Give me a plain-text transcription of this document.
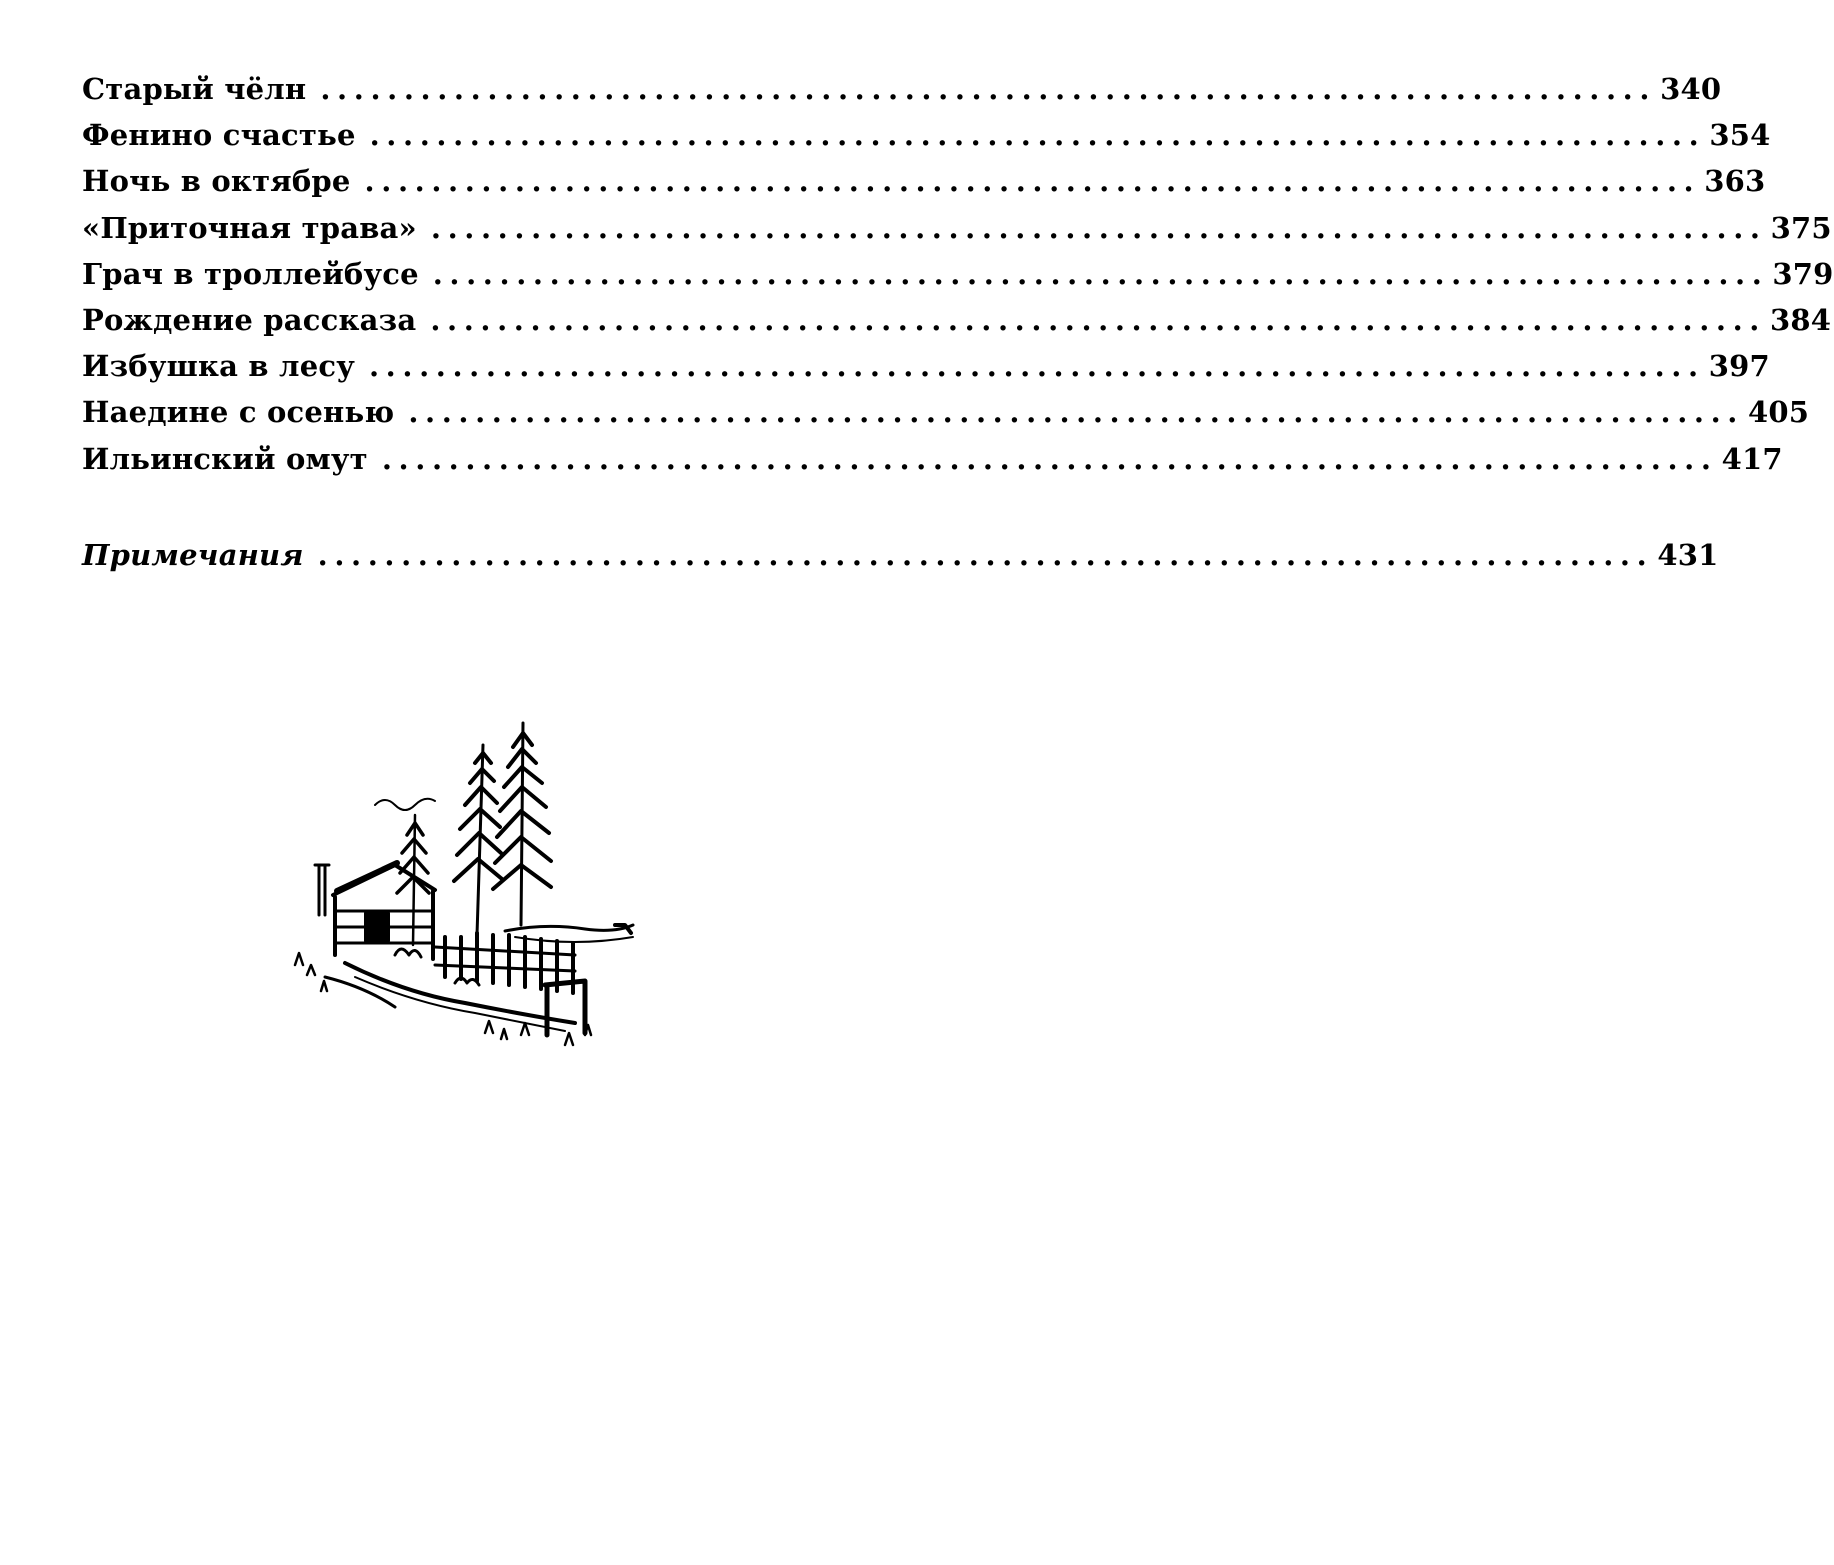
Старый чёлн ................................................................................ 340
Фенино счастье ................................................................................ 354
Ночь в октябре ................................................................................ 363
«Приточная трава» ................................................................................ 375
Грач в троллейбусе ................................................................................ 379
Рождение рассказа ................................................................................ 384
Избушка в лесу ................................................................................ 397
Наедине с осенью ................................................................................ 405
Ильинский омут ................................................................................ 417
Примечания ................................................................................ 431
